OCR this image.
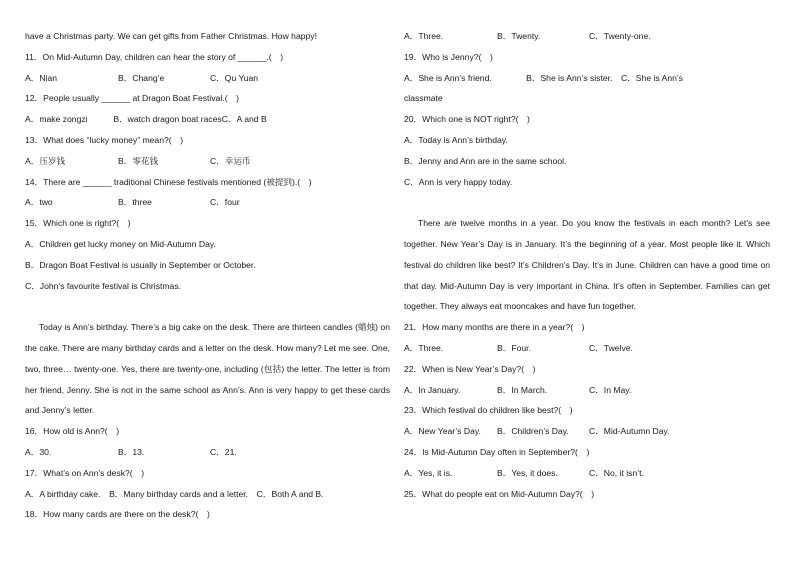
have a Christmas party. We can get gifts from Father Christmas. How happy!
11．On Mid-Autumn Day, children can hear the story of ______.(　)
A．Nian	B．Chang’e	C．Qu Yuan
12．People usually ______ at Dragon Boat Festival.(　)
A．make zongzi　　　B．watch dragon boat races C．A and B
13．What does “lucky money” mean?(　)
A．压岁钱	B．零花钱	C．幸运币
14．There are ______ traditional Chinese festivals mentioned (被提到).(　)
A．two	B．three	C．four
15．Which one is right?(　)
A．Children get lucky money on Mid-Autumn Day.
B．Dragon Boat Festival is usually in September or October.
C．John’s favourite festival is Christmas.

Today is Ann’s birthday. There’s a big cake on the desk. There are thirteen candles (蜡烛) on the cake. There are many birthday cards and a letter on the desk. How many? Let me see. One, two, three… twenty-one. Yes, there are twenty-one, including (包括) the letter. The letter is from her friend, Jenny. She is not in the same school as Ann’s. Ann is very happy to get these cards and Jenny’s letter.

16．How old is Ann?(　)
A．30.	B．13.	C．21.
17．What’s on Ann’s desk?(　)
A．A birthday cake.　B．Many birthday cards and a letter.　C．Both A and B.
18．How many cards are there on the desk?(　)
A．Three.	B．Twenty.	C．Twenty-one.
19．Who is Jenny?(　)
A．She is Ann’s friend.　　　　B．She is Ann’s sister.　C．She is Ann’s
classmate
20．Which one is NOT right?(　)
A．Today is Ann’s birthday.
B．Jenny and Ann are in the same school.
C．Ann is very happy today.

There are twelve months in a year. Do you know the festivals in each month? Let’s see together. New Year’s Day is in January. It’s the beginning of a year. Most people like it. Which festival do children like best? It’s Children’s Day. It’s in June. Children can have a good time on that day. Mid-Autumn Day is very important in China. It’s often in September. Families can get together. They always eat mooncakes and have fun together.

21．How many months are there in a year?(　)
A．Three.	B．Four.	C．Twelve.
22．When is New Year’s Day?(　)
A．In January.	B．In March.	C．In May.
23．Which festival do children like best?(　)
A．New Year’s Day.	B．Children’s Day.	C．Mid-Autumn Day.
24．Is Mid-Autumn Day often in September?(　)
A．Yes, it is.	B．Yes, it does.	C．No, it isn’t.
25．What do people eat on Mid-Autumn Day?(　)
